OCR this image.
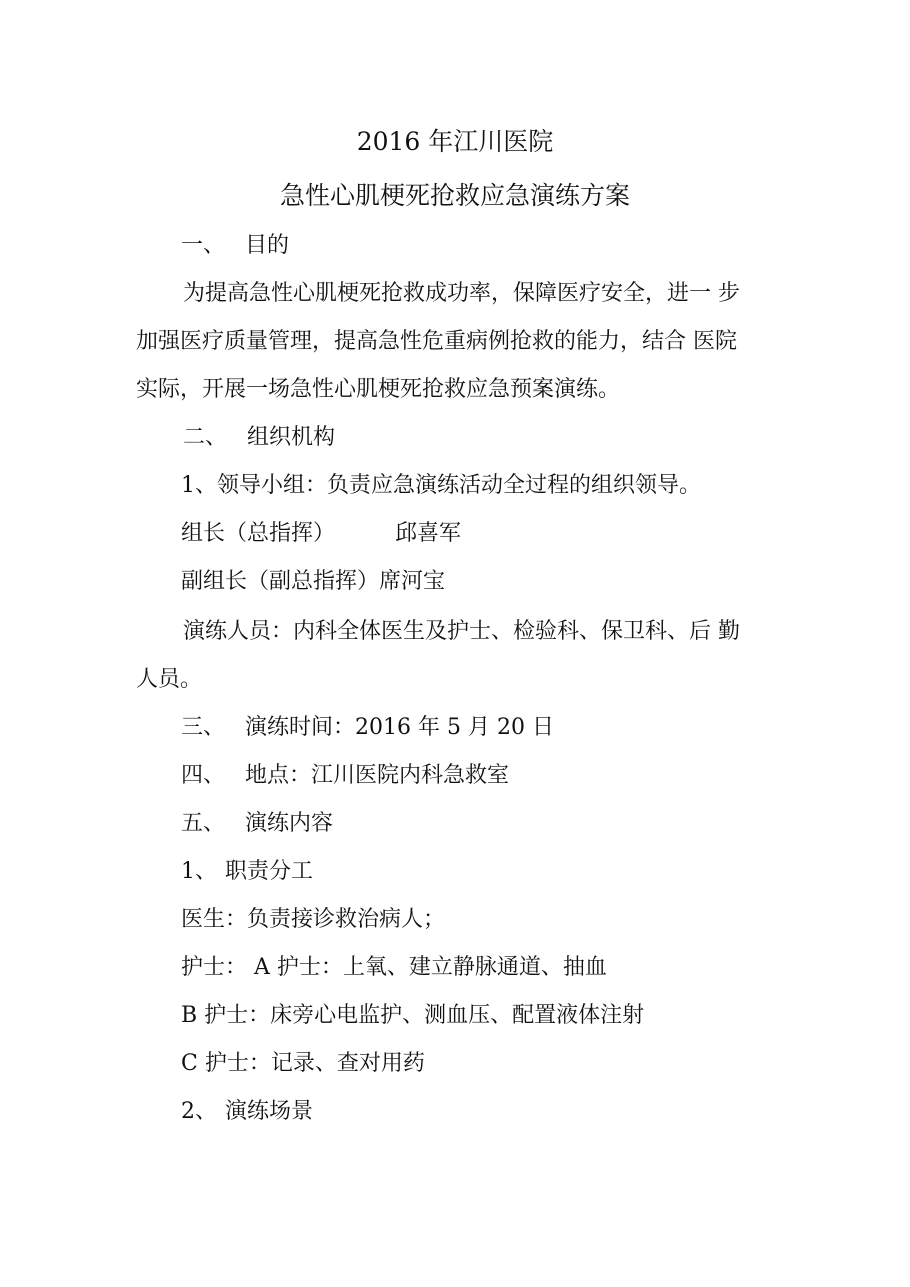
2016 年江川医院
急性心肌梗死抢救应急演练方案
一、 目的
为提高急性心肌梗死抢救成功率，保障医疗安全，进一 步
加强医疗质量管理，提高急性危重病例抢救的能力，结合 医院
实际，开展一场急性心肌梗死抢救应急预案演练。
二、 组织机构
1、领导小组：负责应急演练活动全过程的组织领导。
组长（总指挥）	邱喜军
副组长（副总指挥）席河宝
演练人员：内科全体医生及护士、检验科、保卫科、后 勤
人员。
三、 演练时间：2016 年 5 月 20 日
四、 地点：江川医院内科急救室
五、 演练内容
1、 职责分工
医生：负责接诊救治病人；
护士： A 护士：上氧、建立静脉通道、抽血
B 护士：床旁心电监护、测血压、配置液体注射
C 护士：记录、查对用药
2、 演练场景
